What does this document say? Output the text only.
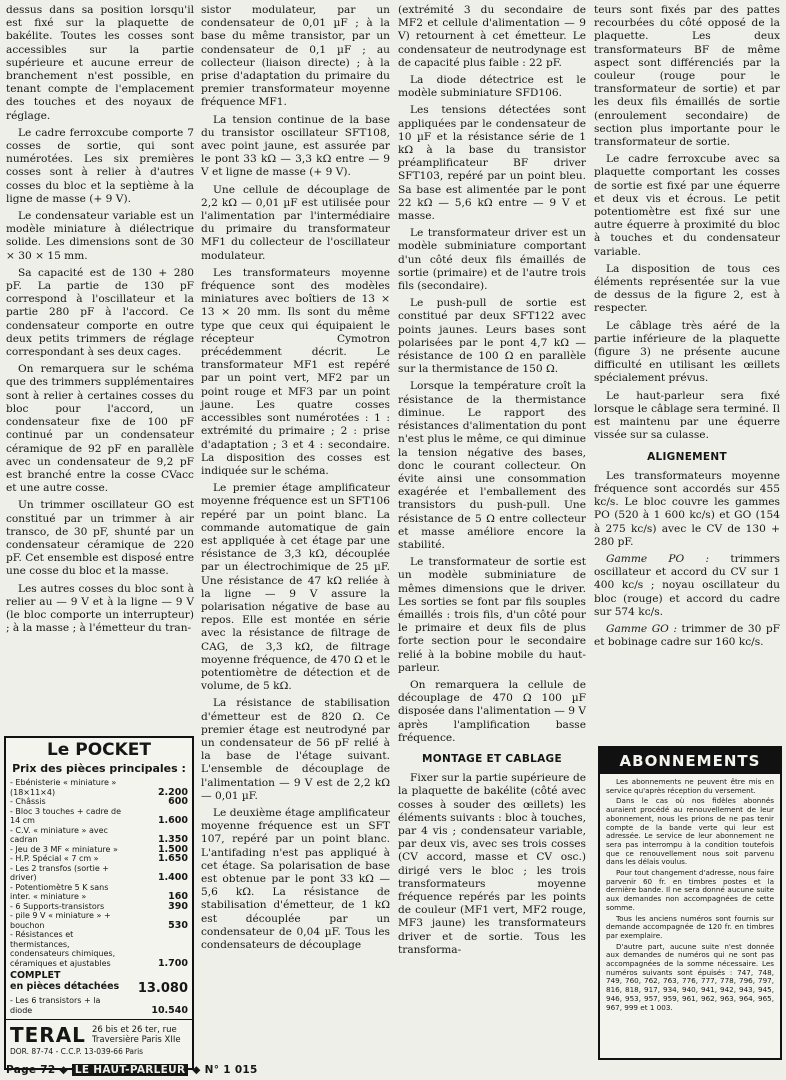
dessus dans sa position lorsqu'il est fixé sur la plaquette de bakélite. Toutes les cosses sont accessibles sur la partie supérieure et aucune erreur de branchement n'est possible, en tenant compte de l'emplacement des touches et des noyaux de réglage.

Le cadre ferroxcube comporte 7 cosses de sortie, qui sont numérotées. Les six premières cosses sont à relier à d'autres cosses du bloc et la septième à la ligne de masse (+ 9 V).

Le condensateur variable est un modèle miniature à diélectrique solide. Les dimensions sont de 30 × 30 × 15 mm.

Sa capacité est de 130 + 280 pF. La partie de 130 pF correspond à l'oscillateur et la partie 280 pF à l'accord. Ce condensateur comporte en outre deux petits trimmers de réglage correspondant à ses deux cages.

On remarquera sur le schéma que des trimmers supplémentaires sont à relier à certaines cosses du bloc pour l'accord, un condensateur fixe de 100 pF continué par un condensateur céramique de 92 pF en parallèle avec un condensateur de 9,2 pF est branché entre la cosse CVacc et une autre cosse.

Un trimmer oscillateur GO est constitué par un trimmer à air transco, de 30 pF, shunté par un condensateur céramique de 220 pF. Cet ensemble est disposé entre une cosse du bloc et la masse.

Les autres cosses du bloc sont à relier au — 9 V et à la ligne — 9 V (le bloc comporte un interrupteur) ; à la masse ; à l'émetteur du tran-

sistor modulateur, par un condensateur de 0,01 µF ; à la base du même transistor, par un condensateur de 0,1 µF ; au collecteur (liaison directe) ; à la prise d'adaptation du primaire du premier transformateur moyenne fréquence MF1.

La tension continue de la base du transistor oscillateur SFT108, avec point jaune, est assurée par le pont 33 kΩ — 3,3 kΩ entre — 9 V et ligne de masse (+ 9 V).

Une cellule de découplage de 2,2 kΩ — 0,01 µF est utilisée pour l'alimentation par l'intermédiaire du primaire du transformateur MF1 du collecteur de l'oscillateur modulateur.

Les transformateurs moyenne fréquence sont des modèles miniatures avec boîtiers de 13 × 13 × 20 mm. Ils sont du même type que ceux qui équipaient le récepteur Cymotron précédemment décrit. Le transformateur MF1 est repéré par un point vert, MF2 par un point rouge et MF3 par un point jaune. Les quatre cosses accessibles sont numérotées : 1 : extrémité du primaire ; 2 : prise d'adaptation ; 3 et 4 : secondaire. La disposition des cosses est indiquée sur le schéma.

Le premier étage amplificateur moyenne fréquence est un SFT106 repéré par un point blanc. La commande automatique de gain est appliquée à cet étage par une résistance de 3,3 kΩ, découplée par un électrochimique de 25 µF. Une résistance de 47 kΩ reliée à la ligne — 9 V assure la polarisation négative de base au repos. Elle est montée en série avec la résistance de filtrage de CAG, de 3,3 kΩ, de filtrage moyenne fréquence, de 470 Ω et le potentiomètre de détection et de volume, de 5 kΩ.

La résistance de stabilisation d'émetteur est de 820 Ω. Ce premier étage est neutrodyné par un condensateur de 56 pF relié à la base de l'étage suivant. L'ensemble de découplage de l'alimentation — 9 V est de 2,2 kΩ — 0,01 µF.

Le deuxième étage amplificateur moyenne fréquence est un SFT 107, repéré par un point blanc. L'antifading n'est pas appliqué à cet étage. Sa polarisation de base est obtenue par le pont 33 kΩ — 5,6 kΩ. La résistance de stabilisation d'émetteur, de 1 kΩ est découplée par un condensateur de 0,04 µF. Tous les condensateurs de découplage

(extrémité 3 du secondaire de MF2 et cellule d'alimentation — 9 V) retournent à cet émetteur. Le condensateur de neutrodynage est de capacité plus faible : 22 pF.

La diode détectrice est le modèle subminiature SFD106.

Les tensions détectées sont appliquées par le condensateur de 10 µF et la résistance série de 1 kΩ à la base du transistor préamplificateur BF driver SFT103, repéré par un point bleu. Sa base est alimentée par le pont 22 kΩ — 5,6 kΩ entre — 9 V et masse.

Le transformateur driver est un modèle subminiature comportant d'un côté deux fils émaillés de sortie (primaire) et de l'autre trois fils (secondaire).

Le push-pull de sortie est constitué par deux SFT122 avec points jaunes. Leurs bases sont polarisées par le pont 4,7 kΩ — résistance de 100 Ω en parallèle sur la thermistance de 150 Ω.

Lorsque la température croît la résistance de la thermistance diminue. Le rapport des résistances d'alimentation du pont n'est plus le même, ce qui diminue la tension négative des bases, donc le courant collecteur. On évite ainsi une consommation exagérée et l'emballement des transistors du push-pull. Une résistance de 5 Ω entre collecteur et masse améliore encore la stabilité.

Le transformateur de sortie est un modèle subminiature de mêmes dimensions que le driver. Les sorties se font par fils souples émaillés : trois fils, d'un côté pour le primaire et deux fils de plus forte section pour le secondaire relié à la bobine mobile du haut-parleur.

On remarquera la cellule de découplage de 470 Ω 100 µF disposée dans l'alimentation — 9 V après l'amplification basse fréquence.

MONTAGE ET CABLAGE

Fixer sur la partie supérieure de la plaquette de bakélite (côté avec cosses à souder des œillets) les éléments suivants : bloc à touches, par 4 vis ; condensateur variable, par deux vis, avec ses trois cosses (CV accord, masse et CV osc.) dirigé vers le bloc ; les trois transformateurs moyenne fréquence repérés par les points de couleur (MF1 vert, MF2 rouge, MF3 jaune) les transformateurs driver et de sortie. Tous les transforma-

teurs sont fixés par des pattes recourbées du côté opposé de la plaquette. Les deux transformateurs BF de même aspect sont différenciés par la couleur (rouge pour le transformateur de sortie) et par les deux fils émaillés de sortie (enroulement secondaire) de section plus importante pour le transformateur de sortie.

Le cadre ferroxcube avec sa plaquette comportant les cosses de sortie est fixé par une équerre et deux vis et écrous. Le petit potentiomètre est fixé sur une autre équerre à proximité du bloc à touches et du condensateur variable.

La disposition de tous ces éléments représentée sur la vue de dessus de la figure 2, est à respecter.

Le câblage très aéré de la partie inférieure de la plaquette (figure 3) ne présente aucune difficulté en utilisant les œillets spécialement prévus.

Le haut-parleur sera fixé lorsque le câblage sera terminé. Il est maintenu par une équerre vissée sur sa culasse.

ALIGNEMENT

Les transformateurs moyenne fréquence sont accordés sur 455 kc/s. Le bloc couvre les gammes PO (520 à 1 600 kc/s) et GO (154 à 275 kc/s) avec le CV de 130 + 280 pF.

Gamme PO : trimmers oscillateur et accord du CV sur 1 400 kc/s ; noyau oscillateur du bloc (rouge) et accord du cadre sur 574 kc/s.

Gamme GO : trimmer de 30 pF et bobinage cadre sur 160 kc/s.

Le POCKET
Prix des pièces principales :
- Ebénisterie « miniature » (18×11×4)	2.200
- Châssis	600
- Bloc 3 touches + cadre de 14 cm	1.600
- C.V. « miniature » avec cadran	1.350
- Jeu de 3 MF « miniature »	1.500
- H.P. Spécial « 7 cm »	1.650
- Les 2 transfos (sortie + driver)	1.400
- Potentiomètre 5 K sans inter. « miniature »	160
- 6 Supports-transistors	390
- pile 9 V « miniature » + bouchon	530
- Résistances et thermistances, condensateurs chimiques, céramiques et ajustables	1.700
COMPLET
en pièces détachées 13.080
- Les 6 transistors + la diode	10.540
TERAL 26 bis et 26 ter, rue
Traversière Paris XIIe
DOR. 87-74 - C.C.P. 13-039-66 Paris
ABONNEMENTS

Les abonnements ne peuvent être mis en service qu'après réception du versement.

Dans le cas où nos fidèles abonnés auraient procédé au renouvellement de leur abonnement, nous les prions de ne pas tenir compte de la bande verte qui leur est adressée. Le service de leur abonnement ne sera pas interrompu à la condition toutefois que ce renouvellement nous soit parvenu dans les délais voulus.

Pour tout changement d'adresse, nous faire parvenir 60 fr. en timbres postes et la dernière bande. Il ne sera donné aucune suite aux demandes non accompagnées de cette somme.

Tous les anciens numéros sont fournis sur demande accompagnée de 120 fr. en timbres par exemplaire.

D'autre part, aucune suite n'est donnée aux demandes de numéros qui ne sont pas accompagnées de la somme nécessaire. Les numéros suivants sont épuisés : 747, 748, 749, 760, 762, 763, 776, 777, 778, 796, 797, 816, 818, 917, 934, 940, 941, 942, 943, 945, 946, 953, 957, 959, 961, 962, 963, 964, 965, 967, 999 et 1 003.

Page 72 ◆ LE HAUT-PARLEUR ◆ N° 1 015
